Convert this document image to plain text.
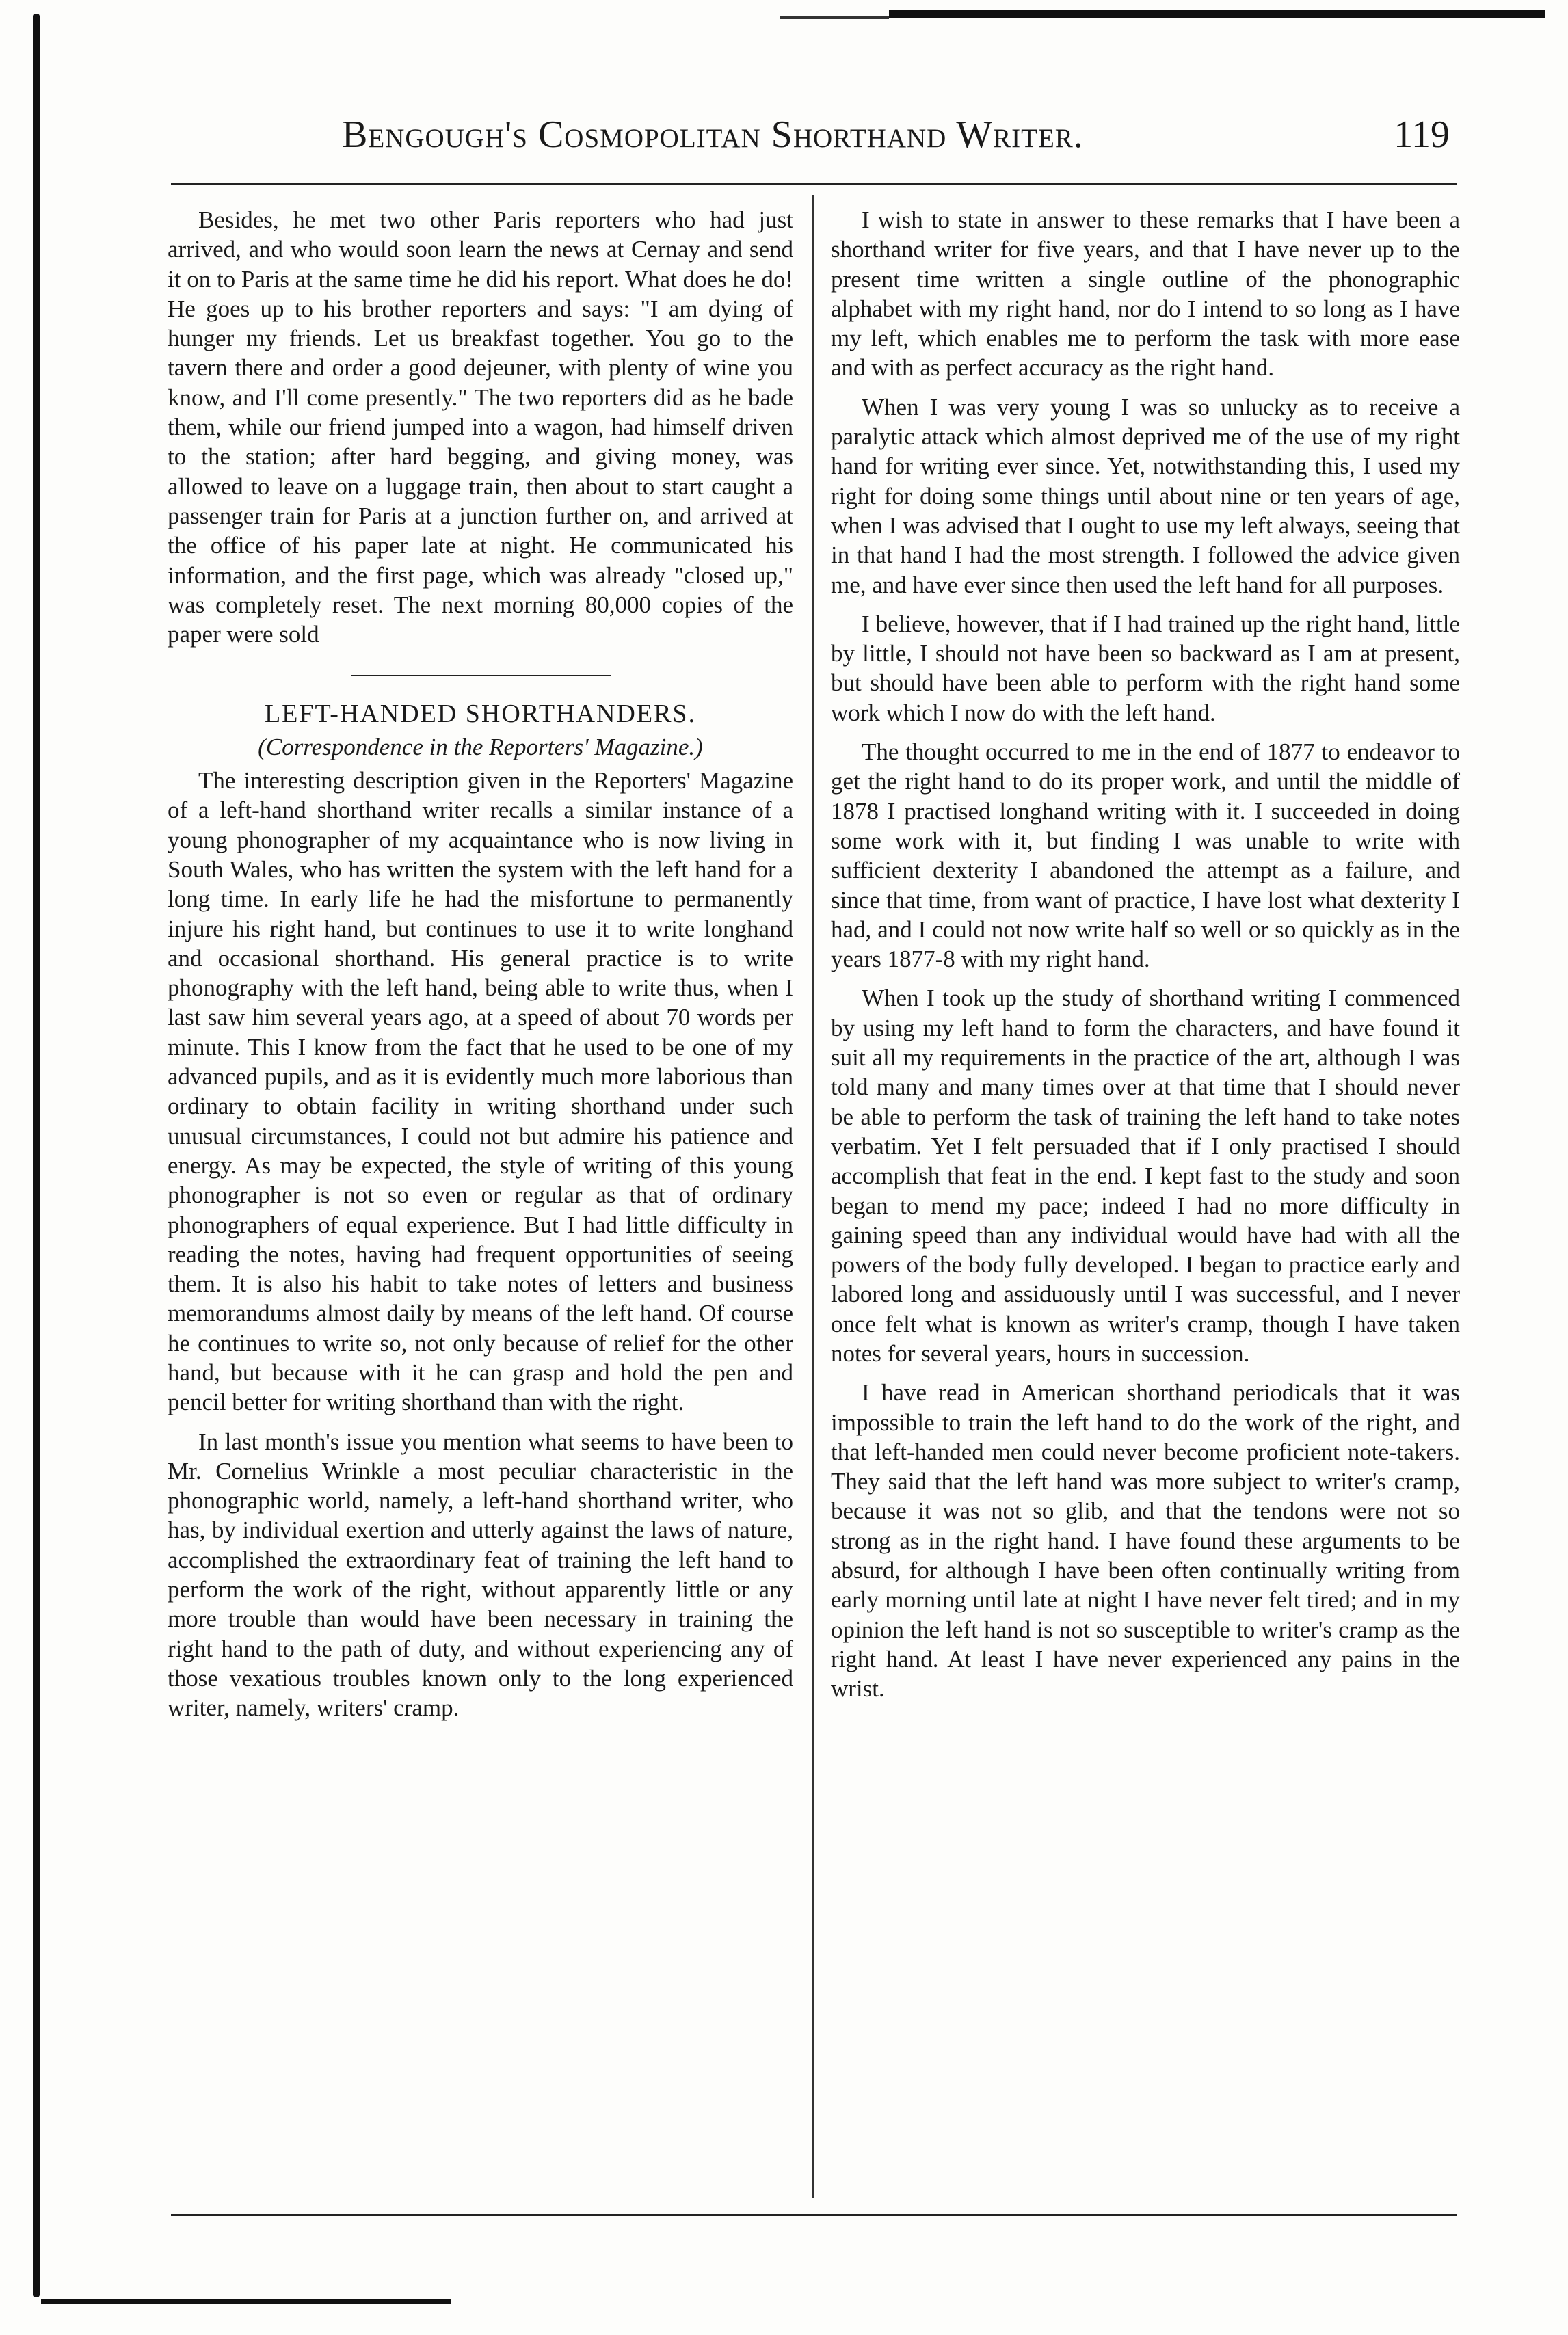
Bengough's Cosmopolitan Shorthand Writer.	119

Besides, he met two other Paris reporters who had just arrived, and who would soon learn the news at Cernay and send it on to Paris at the same time he did his report. What does he do! He goes up to his brother reporters and says: "I am dying of hunger my friends. Let us breakfast together. You go to the tavern there and order a good dejeuner, with plenty of wine you know, and I'll come presently." The two reporters did as he bade them, while our friend jumped into a wagon, had himself driven to the station; after hard begging, and giving money, was allowed to leave on a luggage train, then about to start caught a passenger train for Paris at a junction further on, and arrived at the office of his paper late at night. He communicated his information, and the first page, which was already "closed up," was completely reset. The next morning 80,000 copies of the paper were sold

LEFT-HANDED SHORTHANDERS.
(Correspondence in the Reporters' Magazine.)

The interesting description given in the Reporters' Magazine of a left-hand shorthand writer recalls a similar instance of a young phonographer of my acquaintance who is now living in South Wales, who has written the system with the left hand for a long time. In early life he had the misfortune to permanently injure his right hand, but continues to use it to write longhand and occasional shorthand. His general practice is to write phonography with the left hand, being able to write thus, when I last saw him several years ago, at a speed of about 70 words per minute. This I know from the fact that he used to be one of my advanced pupils, and as it is evidently much more laborious than ordinary to obtain facility in writing shorthand under such unusual circumstances, I could not but admire his patience and energy. As may be expected, the style of writing of this young phonographer is not so even or regular as that of ordinary phonographers of equal experience. But I had little difficulty in reading the notes, having had frequent opportunities of seeing them. It is also his habit to take notes of letters and business memorandums almost daily by means of the left hand. Of course he continues to write so, not only because of relief for the other hand, but because with it he can grasp and hold the pen and pencil better for writing shorthand than with the right.

In last month's issue you mention what seems to have been to Mr. Cornelius Wrinkle a most peculiar characteristic in the phonographic world, namely, a left-hand shorthand writer, who has, by individual exertion and utterly against the laws of nature, accomplished the extraordinary feat of training the left hand to perform the work of the right, without apparently little or any more trouble than would have been necessary in training the right hand to the path of duty, and without experiencing any of those vexatious troubles known only to the long experienced writer, namely, writers' cramp.

I wish to state in answer to these remarks that I have been a shorthand writer for five years, and that I have never up to the present time written a single outline of the phonographic alphabet with my right hand, nor do I intend to so long as I have my left, which enables me to perform the task with more ease and with as perfect accuracy as the right hand.

When I was very young I was so unlucky as to receive a paralytic attack which almost deprived me of the use of my right hand for writing ever since. Yet, notwithstanding this, I used my right for doing some things until about nine or ten years of age, when I was advised that I ought to use my left always, seeing that in that hand I had the most strength. I followed the advice given me, and have ever since then used the left hand for all purposes.

I believe, however, that if I had trained up the right hand, little by little, I should not have been so backward as I am at present, but should have been able to perform with the right hand some work which I now do with the left hand.

The thought occurred to me in the end of 1877 to endeavor to get the right hand to do its proper work, and until the middle of 1878 I practised longhand writing with it. I succeeded in doing some work with it, but finding I was unable to write with sufficient dexterity I abandoned the attempt as a failure, and since that time, from want of practice, I have lost what dexterity I had, and I could not now write half so well or so quickly as in the years 1877-8 with my right hand.

When I took up the study of shorthand writing I commenced by using my left hand to form the characters, and have found it suit all my requirements in the practice of the art, although I was told many and many times over at that time that I should never be able to perform the task of training the left hand to take notes verbatim. Yet I felt persuaded that if I only practised I should accomplish that feat in the end. I kept fast to the study and soon began to mend my pace; indeed I had no more difficulty in gaining speed than any individual would have had with all the powers of the body fully developed. I began to practice early and labored long and assiduously until I was successful, and I never once felt what is known as writer's cramp, though I have taken notes for several years, hours in succession.

I have read in American shorthand periodicals that it was impossible to train the left hand to do the work of the right, and that left-handed men could never become proficient note-takers. They said that the left hand was more subject to writer's cramp, because it was not so glib, and that the tendons were not so strong as in the right hand. I have found these arguments to be absurd, for although I have been often continually writing from early morning until late at night I have never felt tired; and in my opinion the left hand is not so susceptible to writer's cramp as the right hand. At least I have never experienced any pains in the wrist.
